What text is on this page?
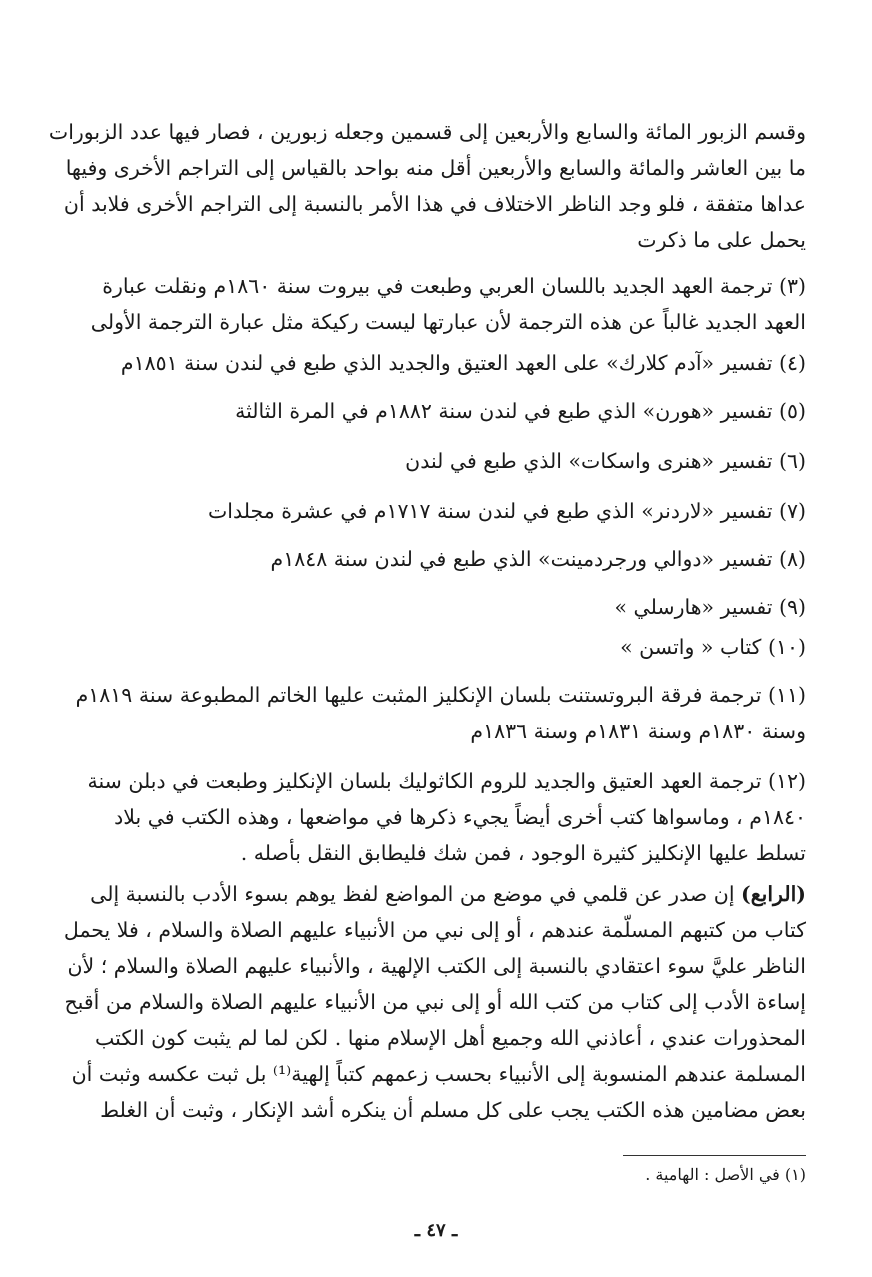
وقسم الزبور المائة والسابع والأربعين إلى قسمين وجعله زبورين ، فصار فيها عدد الزبورات
ما بين العاشر والمائة والسابع والأربعين أقل منه بواحد بالقياس إلى التراجم الأخرى وفيها
عداها متفقة ، فلو وجد الناظر الاختلاف في هذا الأمر بالنسبة إلى التراجم الأخرى فلابد أن
يحمل على ما ذكرت
(٣) ترجمة العهد الجديد باللسان العربي وطبعت في بيروت سنة ١٨٦٠م ونقلت عبارة
العهد الجديد غالباً عن هذه الترجمة لأن عبارتها ليست ركيكة مثل عبارة الترجمة الأولى
(٤) تفسير «آدم كلارك» على العهد العتيق والجديد الذي طبع في لندن سنة ١٨٥١م
(٥) تفسير «هورن» الذي طبع في لندن سنة ١٨٨٢م في المرة الثالثة
(٦) تفسير «هنرى واسكات» الذي طبع في لندن
(٧) تفسير «لاردنر» الذي طبع في لندن سنة ١٧١٧م في عشرة مجلدات
(٨) تفسير «دوالي ورجردمينت» الذي طبع في لندن سنة ١٨٤٨م
(٩) تفسير «هارسلي »
(١٠) كتاب « واتسن »
(١١) ترجمة فرقة البروتستنت بلسان الإنكليز المثبت عليها الخاتم المطبوعة سنة ١٨١٩م
وسنة ١٨٣٠م وسنة ١٨٣١م وسنة ١٨٣٦م
(١٢) ترجمة العهد العتيق والجديد للروم الكاثوليك بلسان الإنكليز وطبعت في دبلن سنة
١٨٤٠م ، وماسواها كتب أخرى أيضاً يجيء ذكرها في مواضعها ، وهذه الكتب في بلاد
تسلط عليها الإنكليز كثيرة الوجود ، فمن شك فليطابق النقل بأصله .
(الرابع) إن صدر عن قلمي في موضع من المواضع لفظ يوهم بسوء الأدب بالنسبة إلى
كتاب من كتبهم المسلّمة عندهم ، أو إلى نبي من الأنبياء عليهم الصلاة والسلام ، فلا يحمل
الناظر عليَّ سوء اعتقادي بالنسبة إلى الكتب الإلهية ، والأنبياء عليهم الصلاة والسلام ؛ لأن
إساءة الأدب إلى كتاب من كتب الله أو إلى نبي من الأنبياء عليهم الصلاة والسلام من أقبح
المحذورات عندي ، أعاذني الله وجميع أهل الإسلام منها . لكن لما لم يثبت كون الكتب
المسلمة عندهم المنسوبة إلى الأنبياء بحسب زعمهم كتباً إلهية⁽¹⁾ بل ثبت عكسه وثبت أن
بعض مضامين هذه الكتب يجب على كل مسلم أن ينكره أشد الإنكار ، وثبت أن الغلط
(١) في الأصل : الهامية .
ـ ٤٧ ـ
